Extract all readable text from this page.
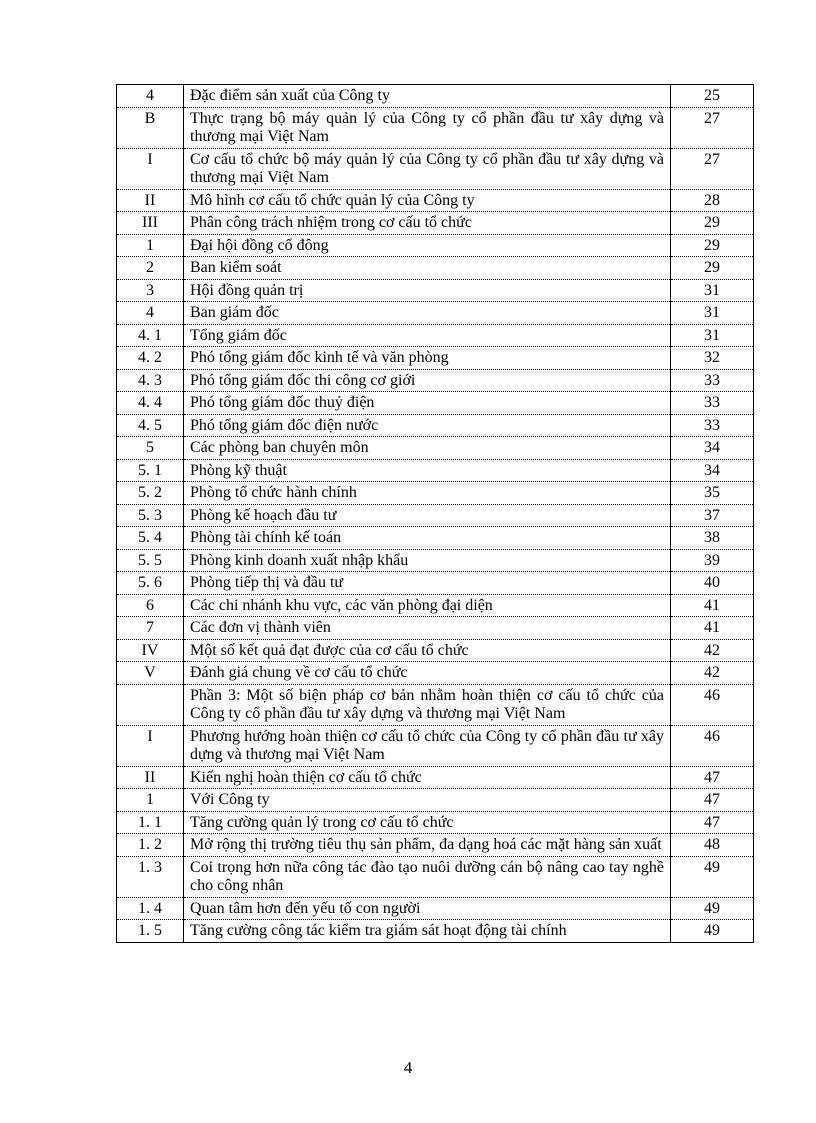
4	Đặc điểm sản xuất của Công ty	25
B	Thực trạng bộ máy quản lý của Công ty cổ phần đầu tư xây dựng và thương mại Việt Nam	27
I	Cơ cấu tổ chức bộ máy quản lý của Công ty cổ phần đầu tư xây dựng và thương mại Việt Nam	27
II	Mô hình cơ cấu tổ chức quản lý của Công ty	28
III	Phân công trách nhiệm trong cơ cấu tổ chức	29
1	Đại hội đồng cổ đông	29
2	Ban kiểm soát	29
3	Hội đồng quản trị	31
4	Ban giám đốc	31
4. 1	Tổng giám đốc	31
4. 2	Phó tổng giám đốc kinh tế và văn phòng	32
4. 3	Phó tổng giám đốc thi công cơ giới	33
4. 4	Phó tổng giám đốc thuỷ điện	33
4. 5	Phó tổng giám đốc điện nước	33
5	Các phòng ban chuyên môn	34
5. 1	Phòng kỹ thuật	34
5. 2	Phòng tổ chức hành chính	35
5. 3	Phòng kế hoạch đầu tư	37
5. 4	Phòng tài chính kế toán	38
5. 5	Phòng kinh doanh xuất nhập khẩu	39
5. 6	Phòng tiếp thị và đầu tư	40
6	Các chi nhánh khu vực, các văn phòng đại diện	41
7	Các đơn vị thành viên	41
IV	Một số kết quả đạt được của cơ cấu tổ chức	42
V	Đánh giá chung về cơ cấu tổ chức	42
	Phần 3: Một số biện pháp cơ bản nhằm hoàn thiện cơ cấu tổ chức của Công ty cổ phần đầu tư xây dựng và thương mại Việt Nam	46
I	Phương hướng hoàn thiện cơ cấu tổ chức của Công ty cổ phần đầu tư xây dựng và thương mại Việt Nam	46
II	Kiến nghị hoàn thiện cơ cấu tổ chức	47
1	Với Công ty	47
1. 1	Tăng cường quản lý trong cơ cấu tổ chức	47
1. 2	Mở rộng thị trường tiêu thụ sản phẩm, đa dạng hoá các mặt hàng sản xuất	48
1. 3	Coi trọng hơn nữa công tác đào tạo nuôi dưỡng cán bộ nâng cao tay nghề cho công nhân	49
1. 4	Quan tâm hơn đến yếu tố con người	49
1. 5	Tăng cường công tác kiểm tra giám sát hoạt động tài chính	49
4
